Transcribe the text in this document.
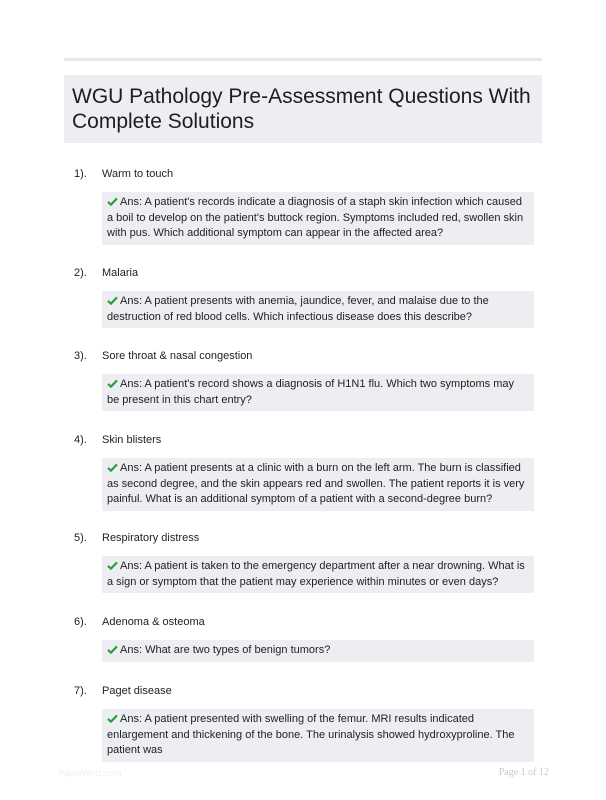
WGU Pathology Pre-Assessment Questions With Complete Solutions
1). Warm to touch
Ans: A patient's records indicate a diagnosis of a staph skin infection which caused a boil to develop on the patient's buttock region. Symptoms included red, swollen skin with pus. Which additional symptom can appear in the affected area?
2). Malaria
Ans: A patient presents with anemia, jaundice, fever, and malaise due to the destruction of red blood cells. Which infectious disease does this describe?
3). Sore throat & nasal congestion
Ans: A patient's record shows a diagnosis of H1N1 flu. Which two symptoms may be present in this chart entry?
4). Skin blisters
Ans: A patient presents at a clinic with a burn on the left arm. The burn is classified as second degree, and the skin appears red and swollen. The patient reports it is very painful. What is an additional symptom of a patient with a second-degree burn?
5). Respiratory distress
Ans: A patient is taken to the emergency department after a near drowning. What is a sign or symptom that the patient may experience within minutes or even days?
6). Adenoma & osteoma
Ans: What are two types of benign tumors?
7). Paget disease
Ans: A patient presented with swelling of the femur. MRI results indicated enlargement and thickening of the bone. The urinalysis showed hydroxyproline. The patient was
PaperWhiz.com	Page 1 of 12
